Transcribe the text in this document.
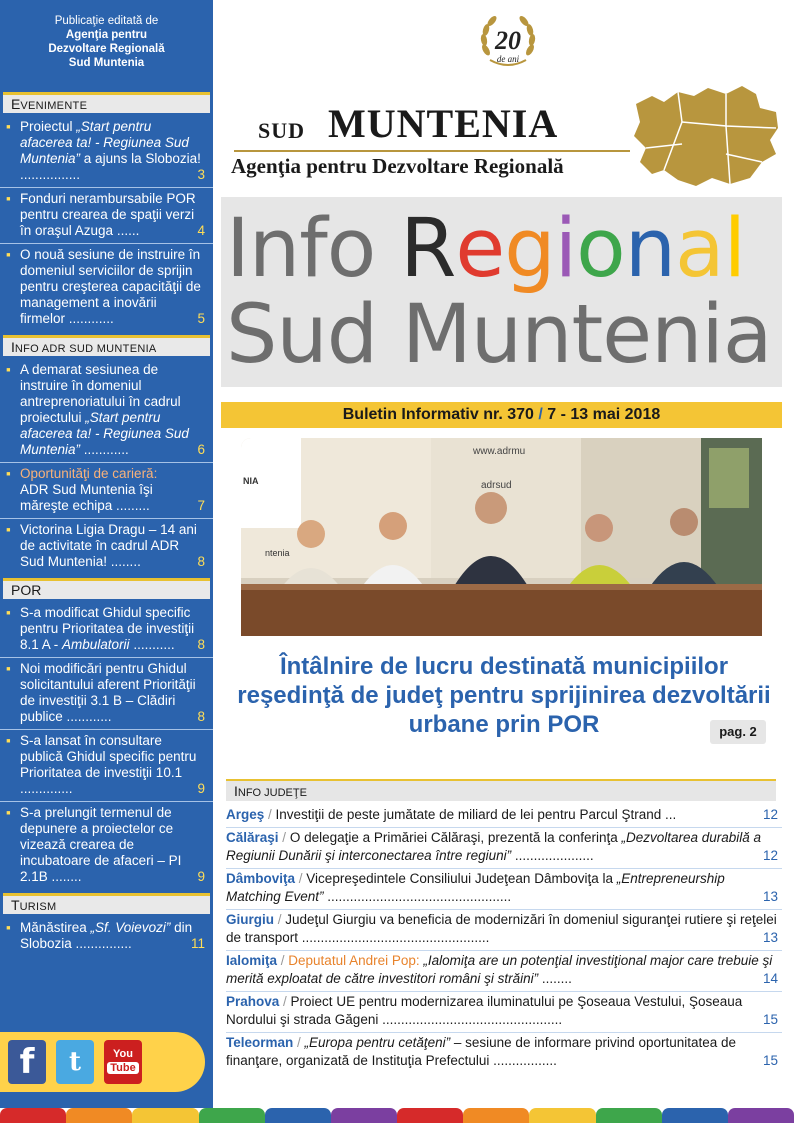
Publicaţie editată de
Agenţia pentru
Dezvoltare Regională
Sud Muntenia
EVENIMENTE
▪ Proiectul „Start pentru afacerea ta! - Regiunea Sud Muntenia” a ajuns la Slobozia! ................	3
▪ Fonduri nerambursabile POR pentru crearea de spaţii verzi în oraşul Azuga ......	4
▪ O nouă sesiune de instruire în domeniul serviciilor de sprijin pentru creşterea capacităţii de management a inovării firmelor ............	5
INFO ADR SUD MUNTENIA
▪ A demarat sesiunea de instruire în domeniul antreprenoriatului în cadrul proiectului „Start pentru afacerea ta! - Regiunea Sud Muntenia” ............	6
▪ Oportunităţi de carieră:
ADR Sud Muntenia îşi măreşte echipa .........	7
▪ Victorina Ligia Dragu – 14 ani de activitate în cadrul ADR Sud Muntenia! ........	8
POR
▪ S-a modificat Ghidul specific pentru Prioritatea de investiţii 8.1 A - Ambulatorii ........... 8
▪ Noi modificări pentru Ghidul solicitantului aferent Priorităţii de investiţii 3.1 B – Clădiri publice ............	8
▪ S-a lansat în consultare publică Ghidul specific pentru Prioritatea de investiţii 10.1 ..............	9
▪ S-a prelungit termenul de depunere a proiectelor ce vizează crearea de incubatoare de afaceri – PI 2.1B ........	9
TURISM
▪ Mănăstirea „Sf. Voievozi” din Slobozia ...............	11
f	t	You
Tube
20
de ani
SUD MUNTENIA
Agenţia pentru Dezvoltare Regională
Info Regional
Sud Muntenia
Buletin Informativ nr. 370 / 7 - 13 mai 2018
NIA
ntenia
www.adrmu
adrsud
Întâlnire de lucru destinată municipiilor reşedinţă de judeţ pentru sprijinirea dezvoltării urbane prin POR	pag. 2
INFO JUDEŢE
Argeş / Investiţii de peste jumătate de miliard de lei pentru Parcul Ştrand ...	12
Călăraşi / O delegaţie a Primăriei Călăraşi, prezentă la conferinţa „Dezvoltarea durabilă a Regiunii Dunării şi interconectarea între regiuni” .....................	12
Dâmboviţa / Vicepreşedintele Consiliului Judeţean Dâmboviţa la „Entrepreneurship Matching Event” .................................................	13
Giurgiu / Judeţul Giurgiu va beneficia de modernizări în domeniul siguranţei rutiere şi reţelei de transport ..................................................	13
Ialomiţa / Deputatul Andrei Pop: „Ialomiţa are un potenţial investiţional major care trebuie şi merită exploatat de către investitori români şi străini” ........	14
Prahova / Proiect UE pentru modernizarea iluminatului pe Şoseaua Vestului, Şoseaua Nordului şi strada Găgeni ................................................	15
Teleorman / „Europa pentru cetăţeni” – sesiune de informare privind oportunitatea de finanţare, organizată de Instituţia Prefectului .................	15
